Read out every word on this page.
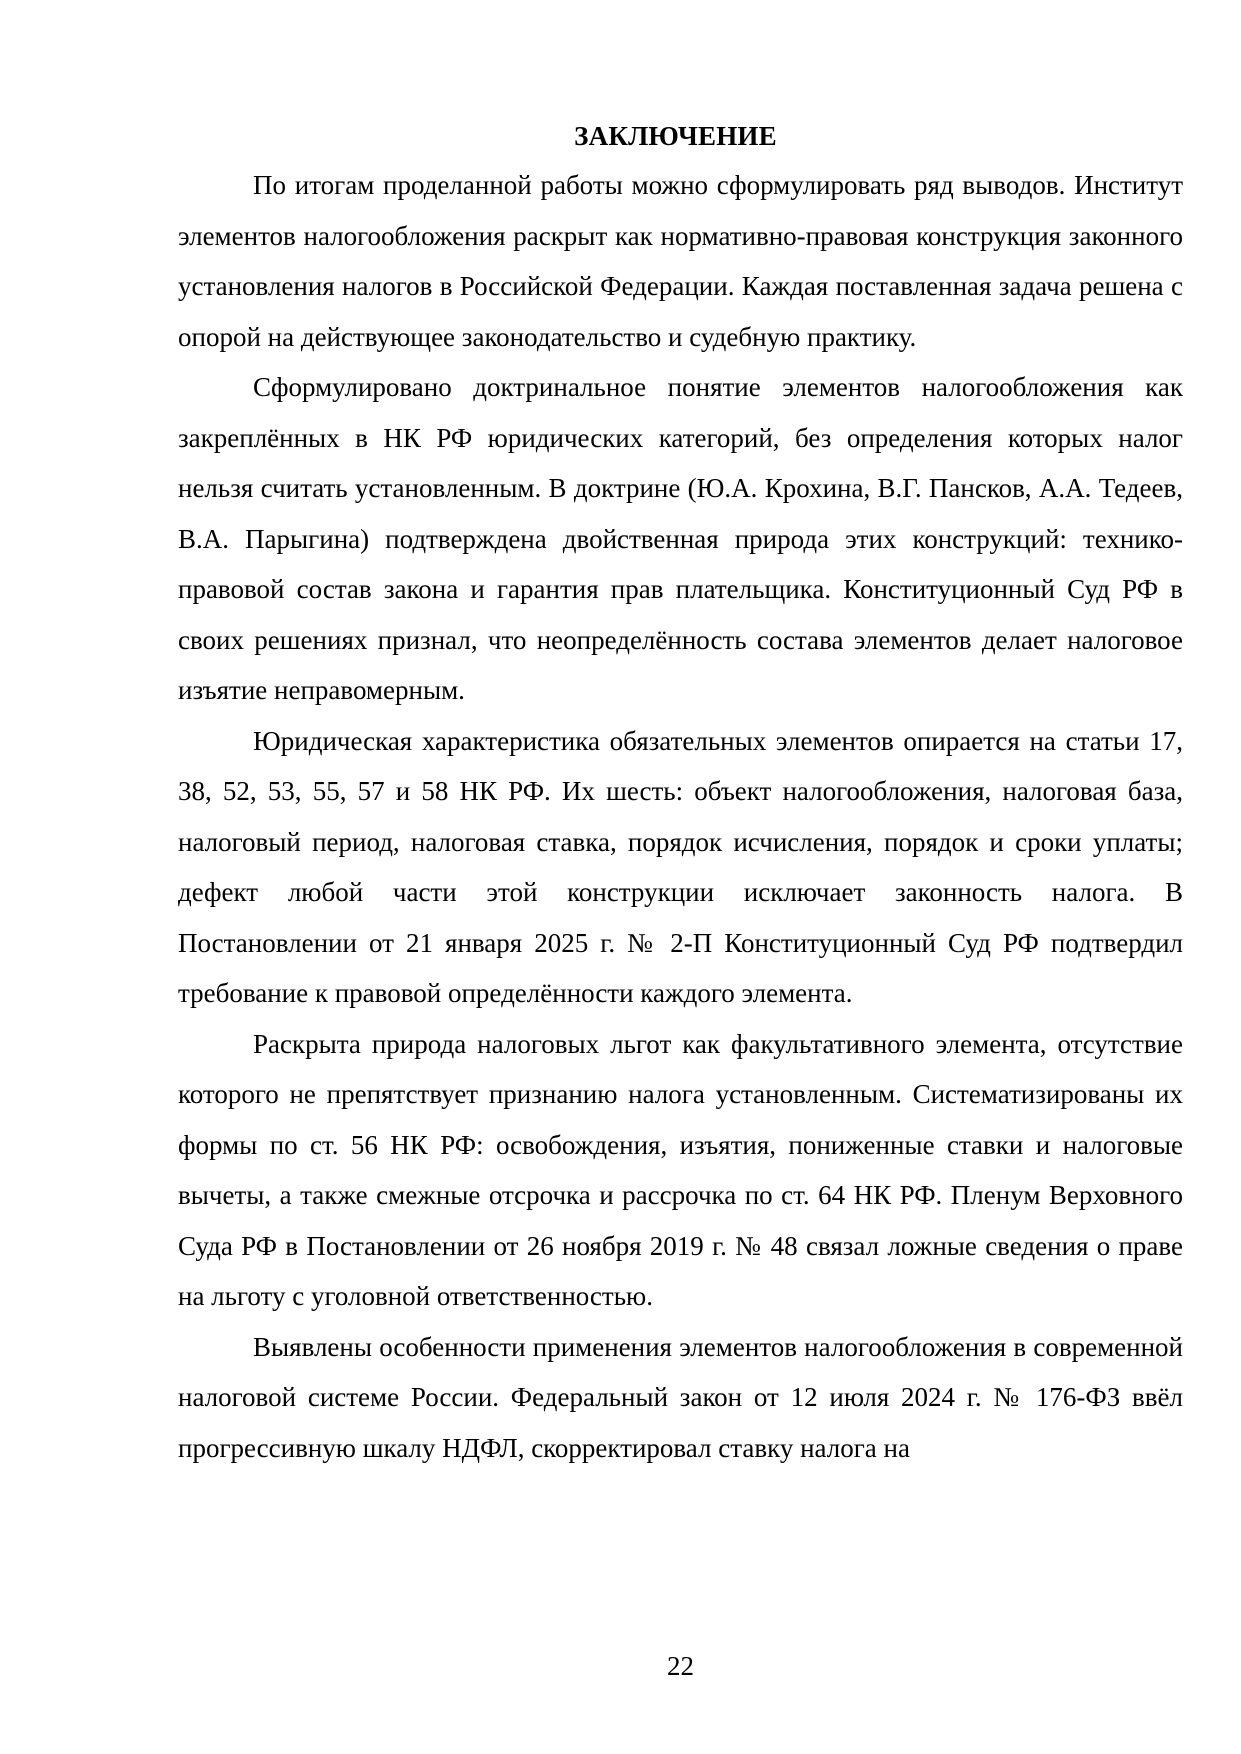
ЗАКЛЮЧЕНИЕ

По итогам проделанной работы можно сформулировать ряд выводов. Институт элементов налогообложения раскрыт как нормативно-правовая конструкция законного установления налогов в Российской Федерации. Каждая поставленная задача решена с опорой на действующее законодательство и судебную практику.

Сформулировано доктринальное понятие элементов налогообложения как закреплённых в НК РФ юридических категорий, без определения которых налог нельзя считать установленным. В доктрине (Ю.А. Крохина, В.Г. Пансков, А.А. Тедеев, В.А. Парыгина) подтверждена двойственная природа этих конструкций: технико-правовой состав закона и гарантия прав плательщика. Конституционный Суд РФ в своих решениях признал, что неопределённость состава элементов делает налоговое изъятие неправомерным.

Юридическая характеристика обязательных элементов опирается на статьи 17, 38, 52, 53, 55, 57 и 58 НК РФ. Их шесть: объект налогообложения, налоговая база, налоговый период, налоговая ставка, порядок исчисления, порядок и сроки уплаты; дефект любой части этой конструкции исключает законность налога. В Постановлении от 21 января 2025 г. № 2-П Конституционный Суд РФ подтвердил требование к правовой определённости каждого элемента.

Раскрыта природа налоговых льгот как факультативного элемента, отсутствие которого не препятствует признанию налога установленным. Систематизированы их формы по ст. 56 НК РФ: освобождения, изъятия, пониженные ставки и налоговые вычеты, а также смежные отсрочка и рассрочка по ст. 64 НК РФ. Пленум Верховного Суда РФ в Постановлении от 26 ноября 2019 г. № 48 связал ложные сведения о праве на льготу с уголовной ответственностью.

Выявлены особенности применения элементов налогообложения в современной налоговой системе России. Федеральный закон от 12 июля 2024 г. № 176-ФЗ ввёл прогрессивную шкалу НДФЛ, скорректировал ставку налога на

22
